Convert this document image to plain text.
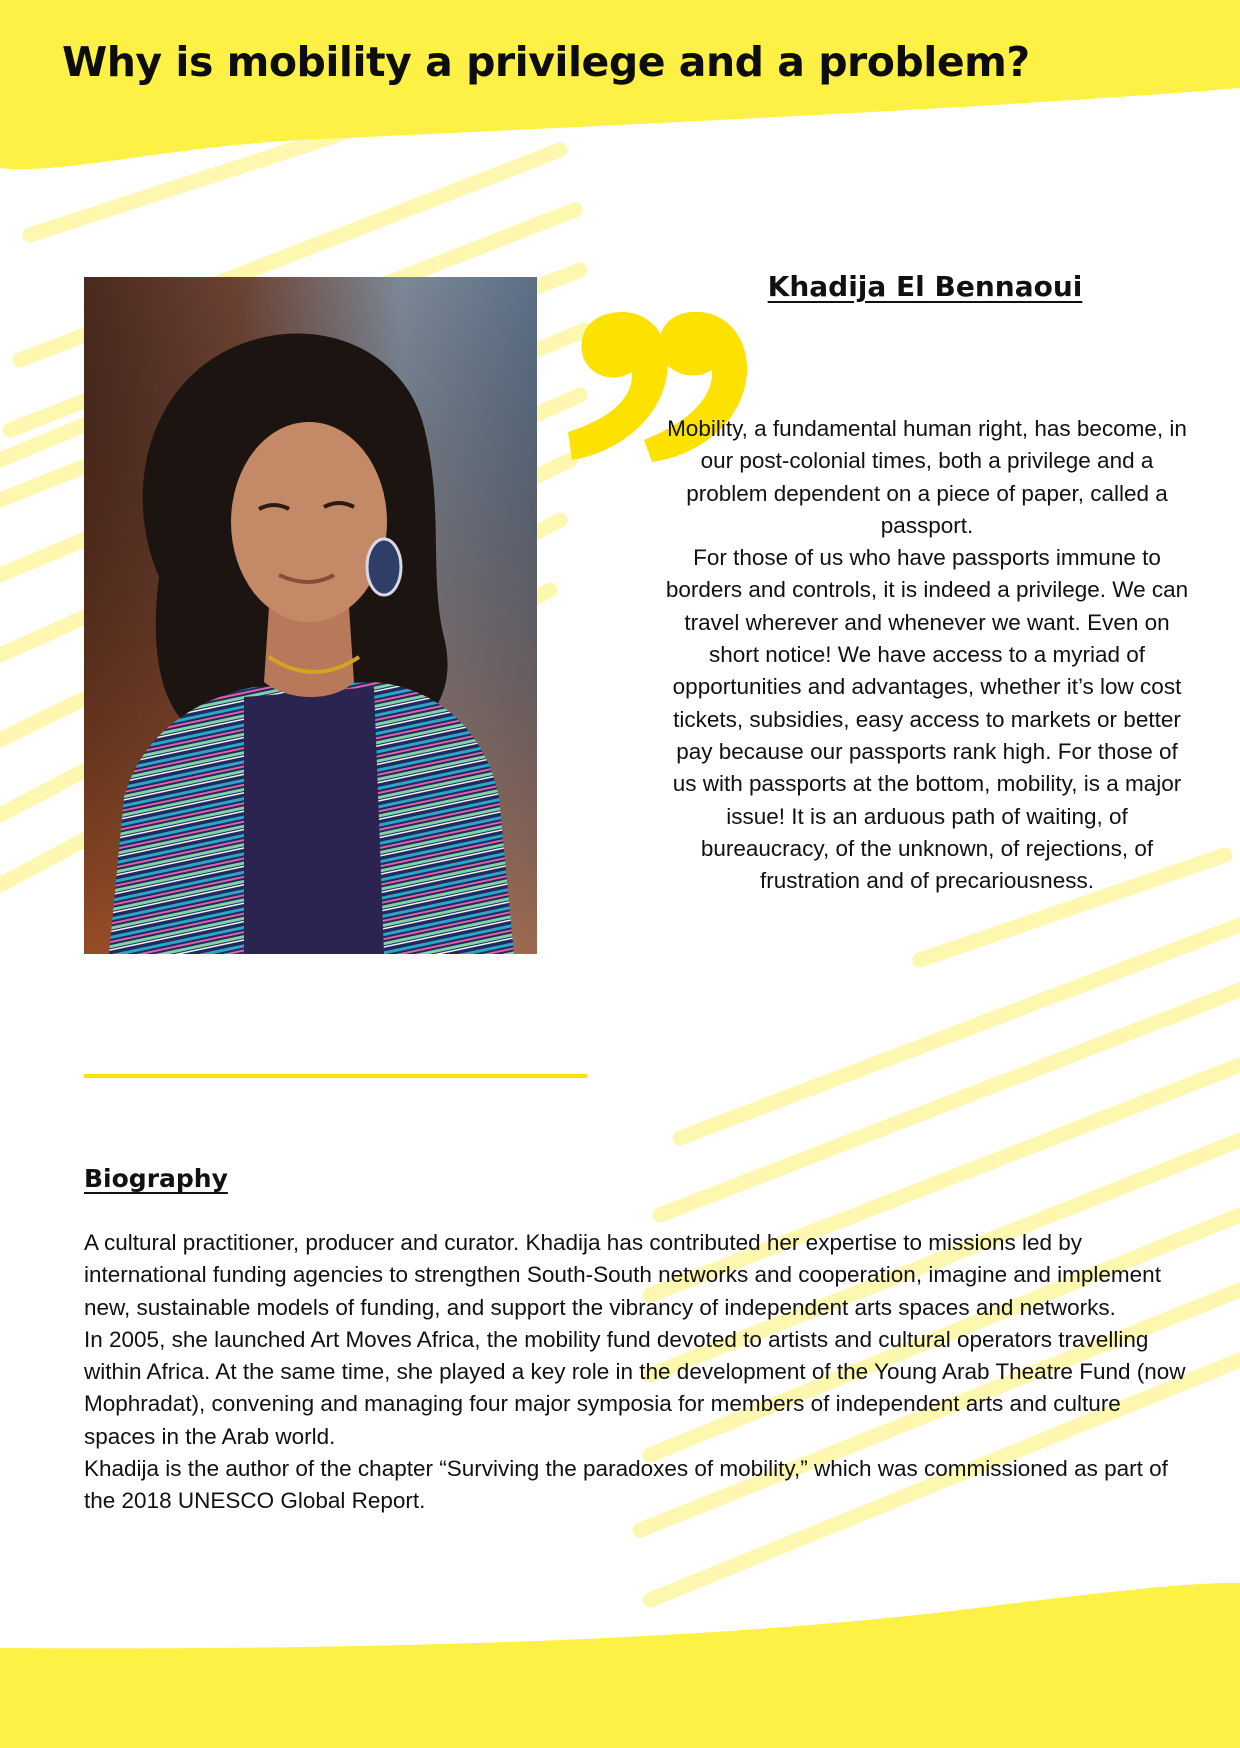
Why is mobility a privilege and a problem?
Khadija El Bennaoui

Mobility, a fundamental human right, has become, in our post-colonial times, both a privilege and a problem dependent on a piece of paper, called a passport.

For those of us who have passports immune to borders and controls, it is indeed a privilege. We can travel wherever and whenever we want. Even on short notice! We have access to a myriad of opportunities and advantages, whether it’s low cost tickets, subsidies, easy access to markets or better pay because our passports rank high. For those of us with passports at the bottom, mobility, is a major issue! It is an arduous path of waiting, of bureaucracy, of the unknown, of rejections, of frustration and of precariousness.

Biography

A cultural practitioner, producer and curator. Khadija has contributed her expertise to missions led by international funding agencies to strengthen South-South networks and cooperation, imagine and implement new, sustainable models of funding, and support the vibrancy of independent arts spaces and networks.

In 2005, she launched Art Moves Africa, the mobility fund devoted to artists and cultural operators travelling within Africa. At the same time, she played a key role in the development of the Young Arab Theatre Fund (now Mophradat), convening and managing four major symposia for members of independent arts and culture spaces in the Arab world.

Khadija is the author of the chapter “Surviving the paradoxes of mobility,” which was commissioned as part of the 2018 UNESCO Global Report.
